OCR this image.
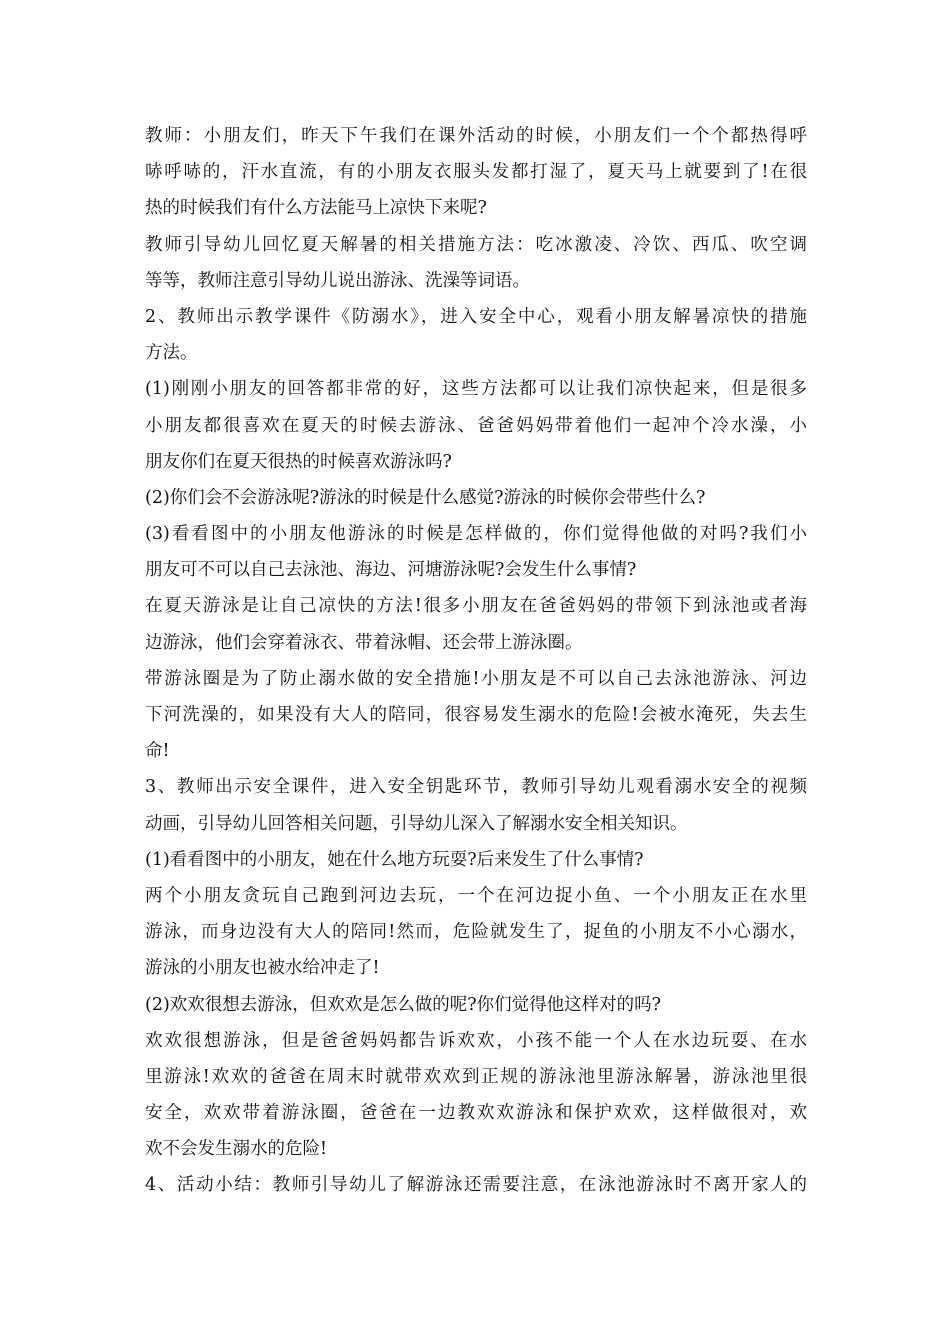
教师：小朋友们，昨天下午我们在课外活动的时候，小朋友们一个个都热得呼

哧呼哧的，汗水直流，有的小朋友衣服头发都打湿了，夏天马上就要到了!在很

热的时候我们有什么方法能马上凉快下来呢?

教师引导幼儿回忆夏天解暑的相关措施方法：吃冰激凌、冷饮、西瓜、吹空调

等等，教师注意引导幼儿说出游泳、洗澡等词语。

2、教师出示教学课件《防溺水》，进入安全中心，观看小朋友解暑凉快的措施

方法。

(1)刚刚小朋友的回答都非常的好，这些方法都可以让我们凉快起来，但是很多

小朋友都很喜欢在夏天的时候去游泳、爸爸妈妈带着他们一起冲个冷水澡，小

朋友你们在夏天很热的时候喜欢游泳吗?

(2)你们会不会游泳呢?游泳的时候是什么感觉?游泳的时候你会带些什么?

(3)看看图中的小朋友他游泳的时候是怎样做的，你们觉得他做的对吗?我们小

朋友可不可以自己去泳池、海边、河塘游泳呢?会发生什么事情?

在夏天游泳是让自己凉快的方法!很多小朋友在爸爸妈妈的带领下到泳池或者海

边游泳，他们会穿着泳衣、带着泳帽、还会带上游泳圈。

带游泳圈是为了防止溺水做的安全措施!小朋友是不可以自己去泳池游泳、河边

下河洗澡的，如果没有大人的陪同，很容易发生溺水的危险!会被水淹死，失去生

命!

3、教师出示安全课件，进入安全钥匙环节，教师引导幼儿观看溺水安全的视频

动画，引导幼儿回答相关问题，引导幼儿深入了解溺水安全相关知识。

(1)看看图中的小朋友，她在什么地方玩耍?后来发生了什么事情?

两个小朋友贪玩自己跑到河边去玩，一个在河边捉小鱼、一个小朋友正在水里

游泳，而身边没有大人的陪同!然而，危险就发生了，捉鱼的小朋友不小心溺水，

游泳的小朋友也被水给冲走了!

(2)欢欢很想去游泳，但欢欢是怎么做的呢?你们觉得他这样对的吗?

欢欢很想游泳，但是爸爸妈妈都告诉欢欢，小孩不能一个人在水边玩耍、在水

里游泳!欢欢的爸爸在周末时就带欢欢到正规的游泳池里游泳解暑，游泳池里很

安全，欢欢带着游泳圈，爸爸在一边教欢欢游泳和保护欢欢，这样做很对，欢

欢不会发生溺水的危险!

4、活动小结：教师引导幼儿了解游泳还需要注意，在泳池游泳时不离开家人的
